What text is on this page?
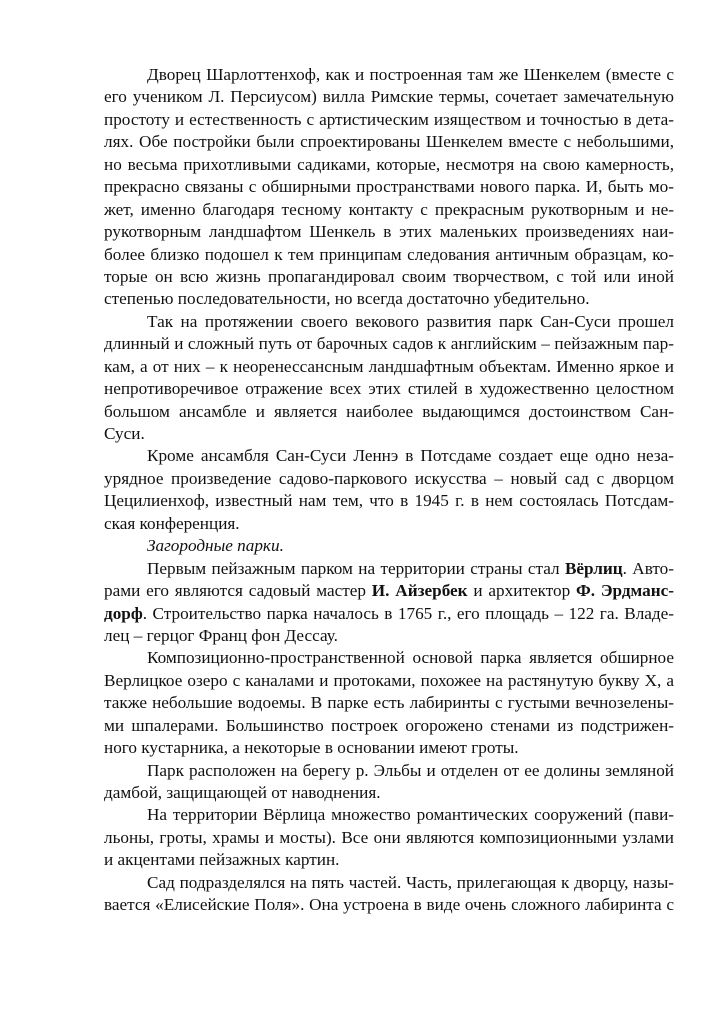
Дворец Шарлоттенхоф, как и построенная там же Шенкелем (вместе с
его учеником Л. Персиусом) вилла Римские термы, сочетает замечательную
простоту и естественность с артистическим изяществом и точностью в дета-
лях. Обе постройки были спроектированы Шенкелем вместе с небольшими,
но весьма прихотливыми садиками, которые, несмотря на свою камерность,
прекрасно связаны с обширными пространствами нового парка. И, быть мо-
жет, именно благодаря тесному контакту с прекрасным рукотворным и не-
рукотворным ландшафтом Шенкель в этих маленьких произведениях наи-
более близко подошел к тем принципам следования античным образцам, ко-
торые он всю жизнь пропагандировал своим творчеством, с той или иной
степенью последовательности, но всегда достаточно убедительно.
Так на протяжении своего векового развития парк Сан-Суси прошел
длинный и сложный путь от барочных садов к английским – пейзажным пар-
кам, а от них – к неоренессансным ландшафтным объектам. Именно яркое и
непротиворечивое отражение всех этих стилей в художественно целостном
большом ансамбле и является наиболее выдающимся достоинством Сан-
Суси.
Кроме ансамбля Сан-Суси Леннэ в Потсдаме создает еще одно неза-
урядное произведение садово-паркового искусства – новый сад с дворцом
Цецилиенхоф, известный нам тем, что в 1945 г. в нем состоялась Потсдам-
ская конференция.
Загородные парки.
Первым пейзажным парком на территории страны стал Вёрлиц. Авто-
рами его являются садовый мастер И. Айзербек и архитектор Ф. Эрдманс-
дорф. Строительство парка началось в 1765 г., его площадь – 122 га. Владе-
лец – герцог Франц фон Дессау.
Композиционно-пространственной основой парка является обширное
Верлицкое озеро с каналами и протоками, похожее на растянутую букву Х, а
также небольшие водоемы. В парке есть лабиринты с густыми вечнозелены-
ми шпалерами. Большинство построек огорожено стенами из подстрижен-
ного кустарника, а некоторые в основании имеют гроты.
Парк расположен на берегу р. Эльбы и отделен от ее долины земляной
дамбой, защищающей от наводнения.
На территории Вёрлица множество романтических сооружений (пави-
льоны, гроты, храмы и мосты). Все они являются композиционными узлами
и акцентами пейзажных картин.
Сад подразделялся на пять частей. Часть, прилегающая к дворцу, назы-
вается «Елисейские Поля». Она устроена в виде очень сложного лабиринта с
